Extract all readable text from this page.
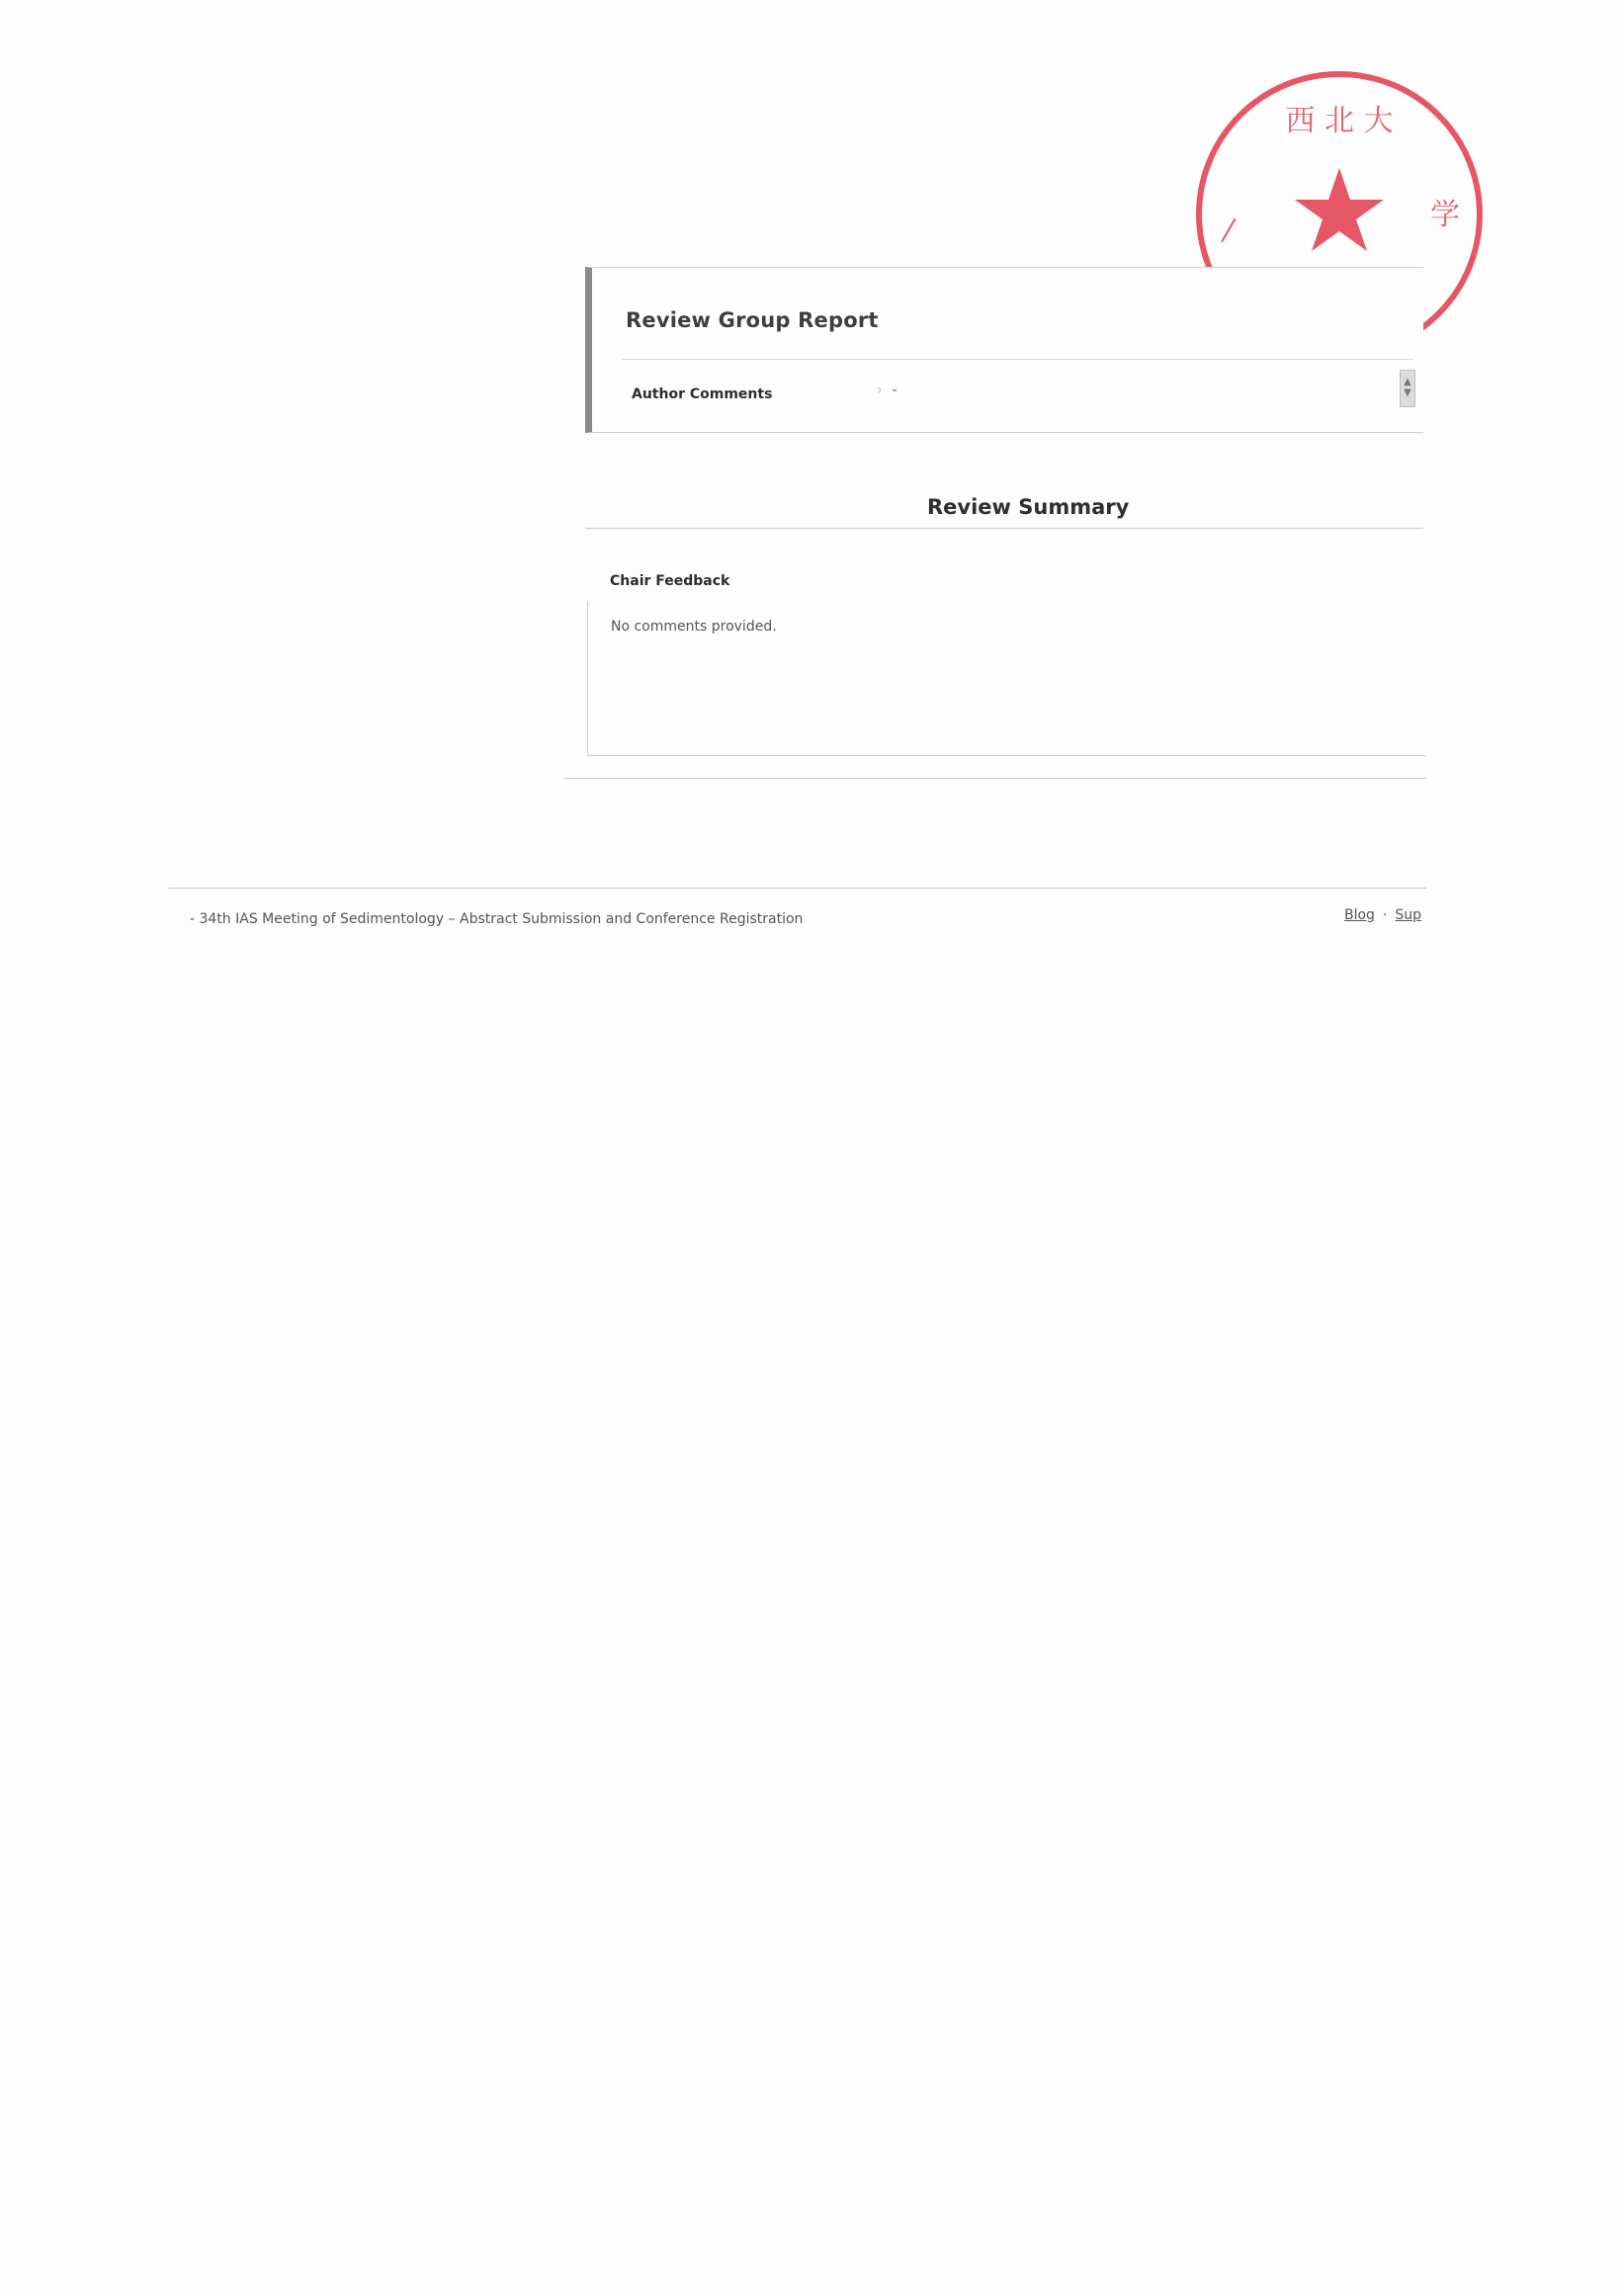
西 北 大
—	学
Review Group Report
Author Comments	› -
▲
▼
Review Summary
Chair Feedback
No comments provided.
- 34th IAS Meeting of Sedimentology – Abstract Submission and Conference Registration	Blog · Sup
